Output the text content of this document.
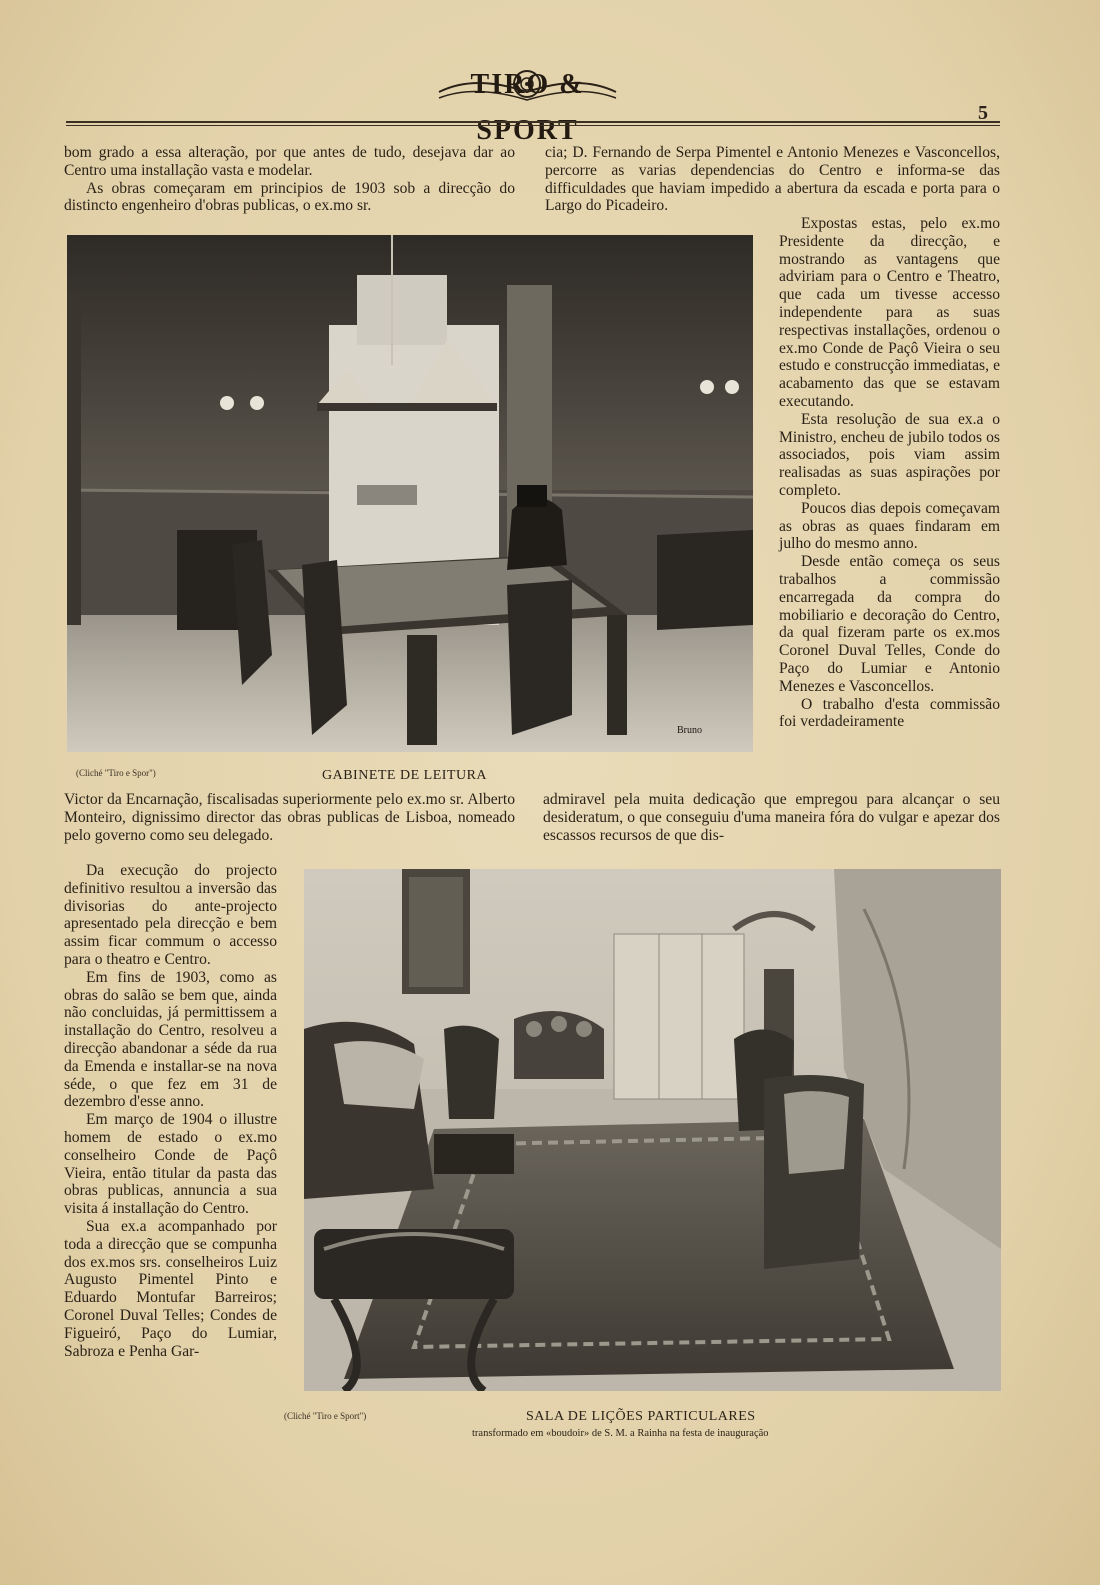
TIRO & SPORT
5

bom grado a essa alteração, por que antes de tudo, desejava dar ao Centro uma installação vasta e modelar.

As obras começaram em principios de 1903 sob a direcção do distincto engenheiro d'obras publicas, o ex.mo sr.

cia; D. Fernando de Serpa Pimentel e Antonio Menezes e Vasconcellos, percorre as varias dependencias do Centro e informa-se das difficuldades que haviam impedido a abertura da escada e porta para o Largo do Picadeiro.

Bruno
(Cliché "Tiro e Spor")	GABINETE DE LEITURA

Expostas estas, pelo ex.mo Presidente da direcção, e mostrando as vantagens que adviriam para o Centro e Theatro, que cada um tivesse accesso independente para as suas respectivas installações, ordenou o ex.mo Conde de Paçô Vieira o seu estudo e construcção immediatas, e acabamento das que se estavam executando.

Esta resolução de sua ex.a o Ministro, encheu de jubilo todos os associados, pois viam assim realisadas as suas aspirações por completo.

Poucos dias depois começavam as obras as quaes findaram em julho do mesmo anno.

Desde então começa os seus trabalhos a commissão encarregada da compra do mobiliario e decoração do Centro, da qual fizeram parte os ex.mos Coronel Duval Telles, Conde do Paço do Lumiar e Antonio Menezes e Vasconcellos.

O trabalho d'esta commissão foi verdadeiramente

Victor da Encarnação, fiscalisadas superiormente pelo ex.mo sr. Alberto Monteiro, dignissimo director das obras publicas de Lisboa, nomeado pelo governo como seu delegado.

admiravel pela muita dedicação que empregou para alcançar o seu desideratum, o que conseguiu d'uma maneira fóra do vulgar e apezar dos escassos recursos de que dis-

Da execução do projecto definitivo resultou a inversão das divisorias do ante-projecto apresentado pela direcção e bem assim ficar commum o accesso para o theatro e Centro.

Em fins de 1903, como as obras do salão se bem que, ainda não concluidas, já permittissem a installação do Centro, resolveu a direcção abandonar a séde da rua da Emenda e installar-se na nova séde, o que fez em 31 de dezembro d'esse anno.

Em março de 1904 o illustre homem de estado o ex.mo conselheiro Conde de Paçô Vieira, então titular da pasta das obras publicas, annuncia a sua visita á installação do Centro.

Sua ex.a acompanhado por toda a direcção que se compunha dos ex.mos srs. conselheiros Luiz Augusto Pimentel Pinto e Eduardo Montufar Barreiros; Coronel Duval Telles; Condes de Figueiró, Paço do Lumiar, Sabroza e Penha Gar-

(Cliché "Tiro e Sport")	SALA DE LIÇÕES PARTICULARES
transformado em «boudoir» de S. M. a Rainha na festa de inauguração
